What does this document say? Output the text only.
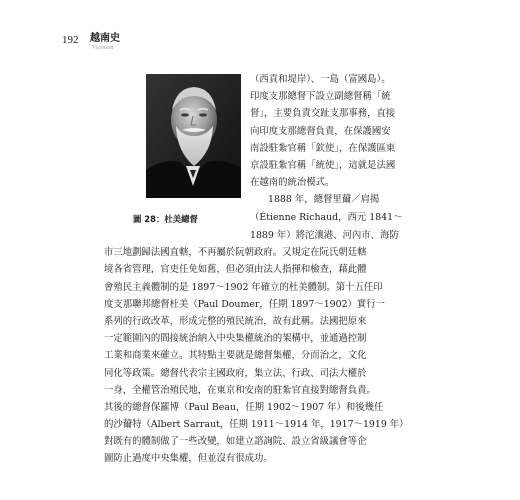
192 越南史
Vietnam
圖 28：杜美總督
（西貢和堤岸）、一島（富國島）。
印度支那總督下設立副總督稱「統
督」，主要負責交趾支那事務，直接
向印度支那總督負責，在保護國安
南設駐紮官稱「欽使」，在保護區東
京設駐紮官稱「統使」，這就是法國
在越南的統治模式。
1888 年，總督里薾／肩揭
（Étienne Richaud，西元 1841～
1889 年）將沱瀼港、河內市、海防
市三地劃歸法國直轄，不再屬於阮朝政府。又規定在阮氏朝廷轄
境各省管理，官吏任免如舊，但必須由法人指揮和檢查，藉此體
會殖民主義體制的是 1897～1902 年確立的杜美體制。第十五任印
度支那聯邦總督杜美（Paul Doumer，任期 1897～1902）實行一
系列的行政改革，形成完整的殖民統治，故有此稱。法國把原來
一定範圍內的間接統治納入中央集權統治的架構中，並通過控制
工業和商業來確立。其特點主要就是總督集權，分而治之，文化
同化等政策。總督代表宗主國政府，集立法、行政、司法大權於
一身，全權管治殖民地，在東京和安南的駐紮官直接對總督負責。
其後的總督保羅博（Paul Beau，任期 1902～1907 年）和後幾任
的沙薾特（Albert Sarraut，任期 1911～1914 年，1917～1919 年）
對既有的體制做了一些改變，如建立諮詢院、設立省級議會等企
圖防止過度中央集權，但並沒有很成功。
